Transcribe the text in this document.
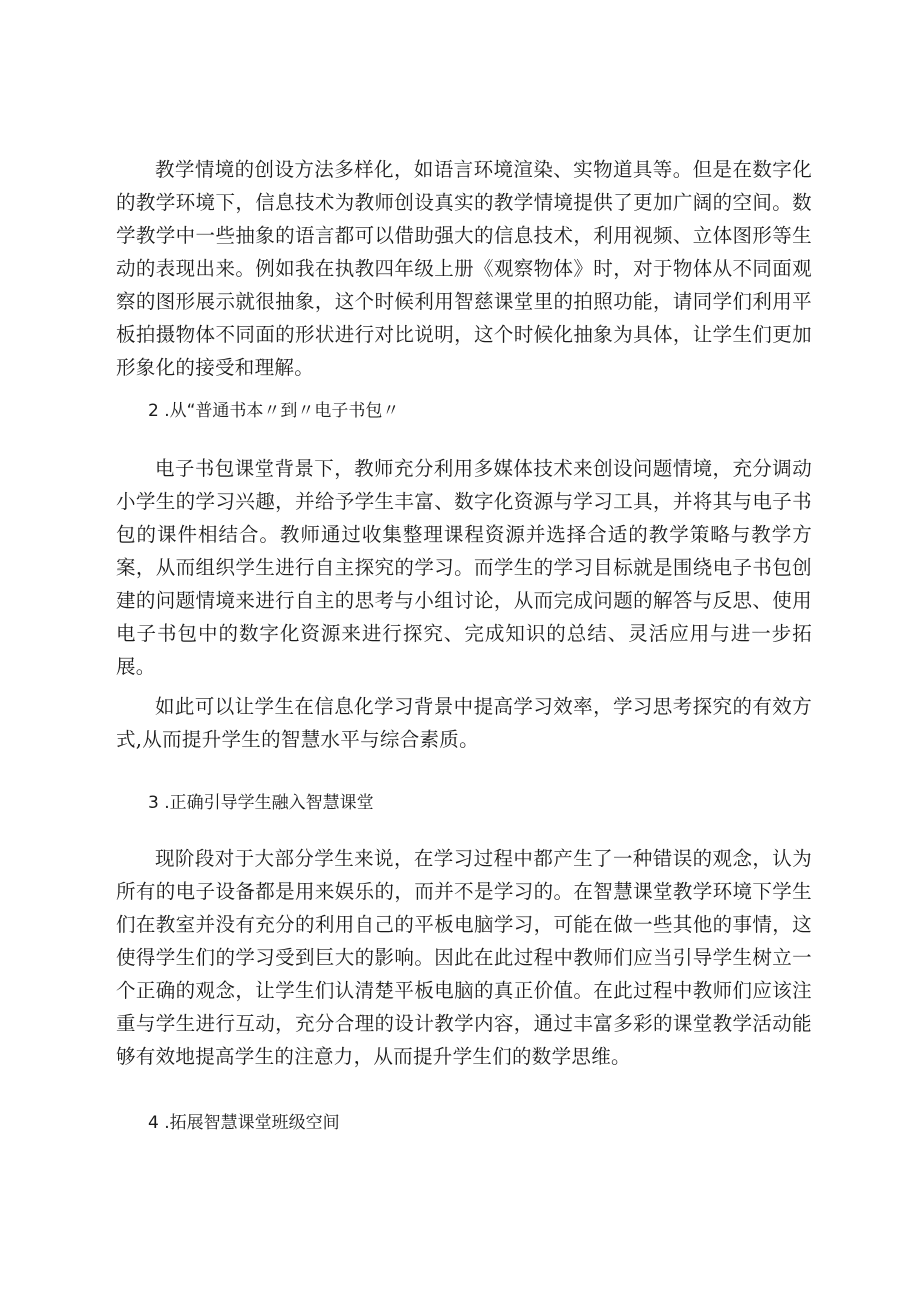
教学情境的创设方法多样化，如语言环境渲染、实物道具等。但是在数字化的教学环境下，信息技术为教师创设真实的教学情境提供了更加广阔的空间。数学教学中一些抽象的语言都可以借助强大的信息技术，利用视频、立体图形等生动的表现出来。例如我在执教四年级上册《观察物体》时，对于物体从不同面观察的图形展示就很抽象，这个时候利用智慈课堂里的拍照功能，请同学们利用平板拍摄物体不同面的形状进行对比说明，这个时候化抽象为具体，让学生们更加形象化的接受和理解。

2 .从“普通书本〃到〃电子书包〃

电子书包课堂背景下，教师充分利用多媒体技术来创设问题情境，充分调动小学生的学习兴趣，并给予学生丰富、数字化资源与学习工具，并将其与电子书包的课件相结合。教师通过收集整理课程资源并选择合适的教学策略与教学方案，从而组织学生进行自主探究的学习。而学生的学习目标就是围绕电子书包创建的问题情境来进行自主的思考与小组讨论，从而完成问题的解答与反思、使用电子书包中的数字化资源来进行探究、完成知识的总结、灵活应用与进一步拓展。

如此可以让学生在信息化学习背景中提高学习效率，学习思考探究的有效方式,从而提升学生的智慧水平与综合素质。

3 .正确引导学生融入智慧课堂

现阶段对于大部分学生来说，在学习过程中都产生了一种错误的观念，认为所有的电子设备都是用来娱乐的，而并不是学习的。在智慧课堂教学环境下学生们在教室并没有充分的利用自己的平板电脑学习，可能在做一些其他的事情，这使得学生们的学习受到巨大的影响。因此在此过程中教师们应当引导学生树立一个正确的观念，让学生们认清楚平板电脑的真正价值。在此过程中教师们应该注重与学生进行互动，充分合理的设计教学内容，通过丰富多彩的课堂教学活动能够有效地提高学生的注意力，从而提升学生们的数学思维。

4 .拓展智慧课堂班级空间
